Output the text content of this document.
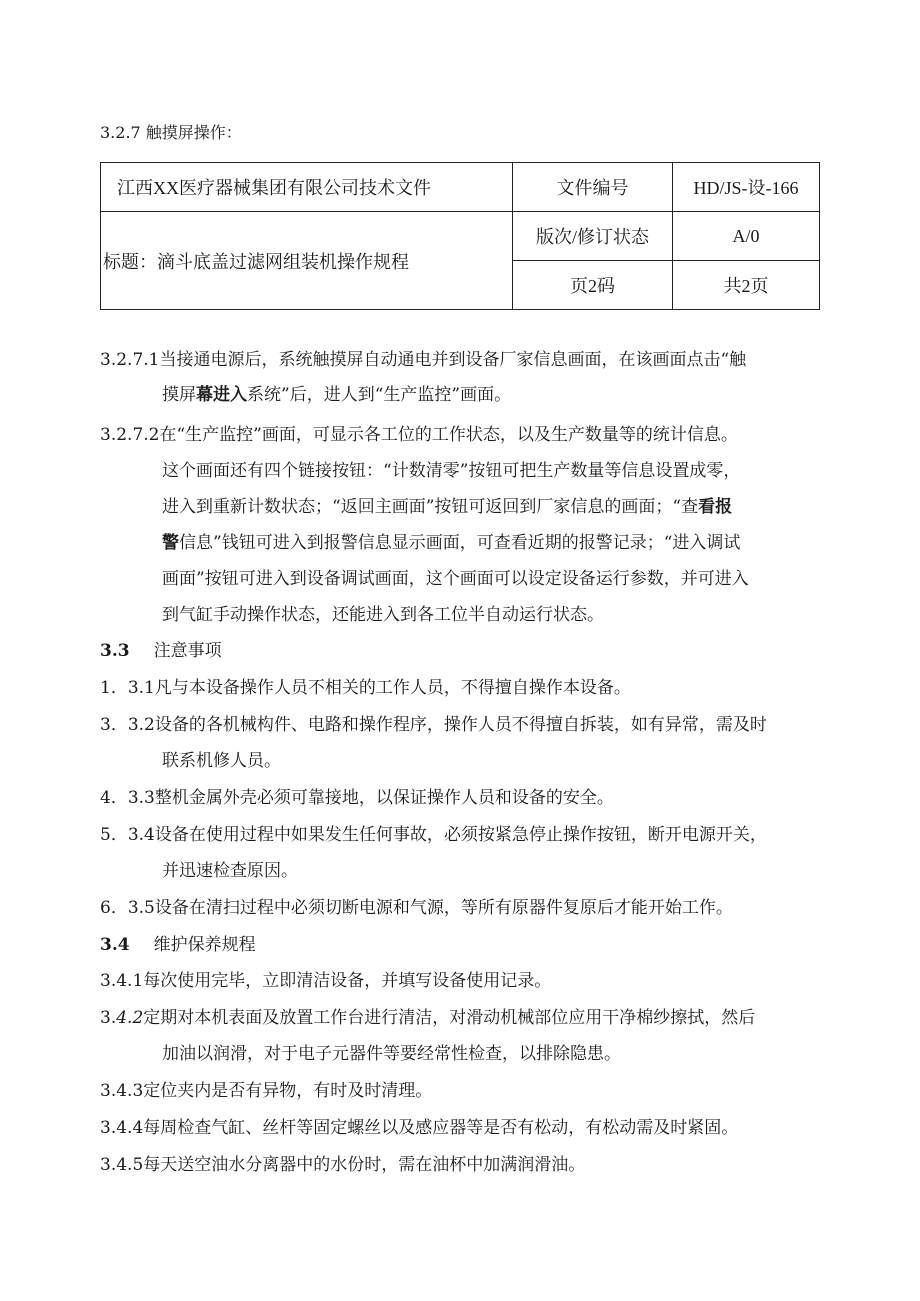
3.2.7 触摸屏操作：
江西XX医疗器械集团有限公司技术文件	文件编号	HD/JS-设-166
标题：滴斗底盖过滤网组装机操作规程	版次/修订状态	A/0
	页2码	共2页
3.2.7.1当接通电源后，系统触摸屏自动通电并到设备厂家信息画面，在该画面点击“触
摸屏幕进入系统”后，进人到“生产监控”画面。
3.2.7.2在“生产监控”画面，可显示各工位的工作状态，以及生产数量等的统计信息。
这个画面还有四个链接按钮：“计数清零”按钮可把生产数量等信息设置成零，
进入到重新计数状态；“返回主画面”按钮可返回到厂家信息的画面；“查看报
警信息”钱钮可进入到报警信息显示画面，可查看近期的报警记录；“进入调试
画面”按钮可进入到设备调试画面，这个画面可以设定设备运行参数，并可进入
到气缸手动操作状态，还能进入到各工位半自动运行状态。
3.3 注意事项
1．3.1凡与本设备操作人员不相关的工作人员，不得擅自操作本设备。
3．3.2设备的各机械构件、电路和操作程序，操作人员不得擅自拆装，如有异常，需及时
联系机修人员。
4．3.3整机金属外壳必须可靠接地，以保证操作人员和设备的安全。
5．3.4设备在使用过程中如果发生任何事故，必须按紧急停止操作按钮，断开电源开关，
并迅速检查原因。
6．3.5设备在清扫过程中必须切断电源和气源，等所有原器件复原后才能开始工作。
3.4 维护保养规程
3.4.1每次使用完毕，立即清洁设备，并填写设备使用记录。
3.4.2定期对本机表面及放置工作台进行清洁，对滑动机械部位应用干净棉纱擦拭，然后
加油以润滑，对于电子元器件等要经常性检查，以排除隐患。
3.4.3定位夹内是否有异物，有时及时清理。
3.4.4每周检查气缸、丝杆等固定螺丝以及感应器等是否有松动，有松动需及时紧固。
3.4.5每天送空油水分离器中的水份时，需在油杯中加满润滑油。
